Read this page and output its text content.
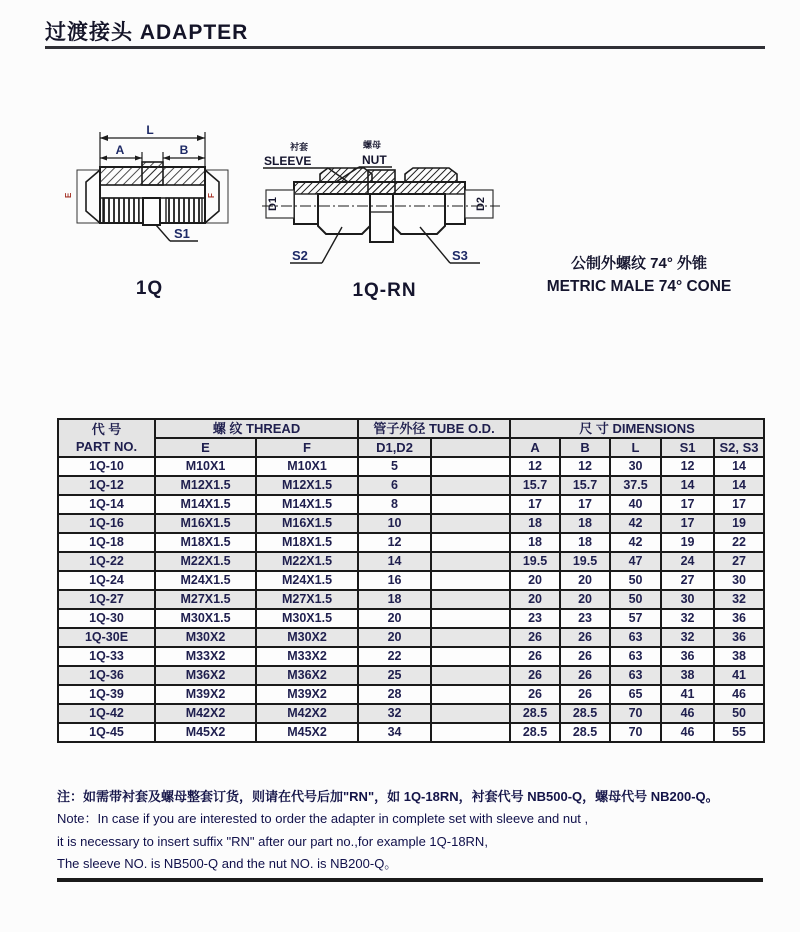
过渡接头 ADAPTER
L
A	B
S1
E	F
1Q
衬套
SLEEVE
螺母
NUT
D1	D2
S2	S3
1Q-RN
公制外螺纹 74° 外锥
METRIC MALE 74° CONE
代 号
PART NO.	螺 纹 THREAD		管子外径 TUBE O.D.		尺 寸 DIMENSIONS				
	E	F	D1,D2		A	B	L	S1	S2, S3
1Q-10	M10X1	M10X1	5		12	12	30	12	14
1Q-12	M12X1.5	M12X1.5	6		15.7	15.7	37.5	14	14
1Q-14	M14X1.5	M14X1.5	8		17	17	40	17	17
1Q-16	M16X1.5	M16X1.5	10		18	18	42	17	19
1Q-18	M18X1.5	M18X1.5	12		18	18	42	19	22
1Q-22	M22X1.5	M22X1.5	14		19.5	19.5	47	24	27
1Q-24	M24X1.5	M24X1.5	16		20	20	50	27	30
1Q-27	M27X1.5	M27X1.5	18		20	20	50	30	32
1Q-30	M30X1.5	M30X1.5	20		23	23	57	32	36
1Q-30E	M30X2	M30X2	20		26	26	63	32	36
1Q-33	M33X2	M33X2	22		26	26	63	36	38
1Q-36	M36X2	M36X2	25		26	26	63	38	41
1Q-39	M39X2	M39X2	28		26	26	65	41	46
1Q-42	M42X2	M42X2	32		28.5	28.5	70	46	50
1Q-45	M45X2	M45X2	34		28.5	28.5	70	46	55
注：如需带衬套及螺母整套订货，则请在代号后加"RN"，如 1Q-18RN，衬套代号 NB500-Q，螺母代号 NB200-Q。
Note：In case if you are interested to order the adapter in complete set with sleeve and nut ,
it is necessary to insert suffix "RN" after our part no.,for example 1Q-18RN,
The sleeve NO. is NB500-Q and the nut NO. is NB200-Q。
